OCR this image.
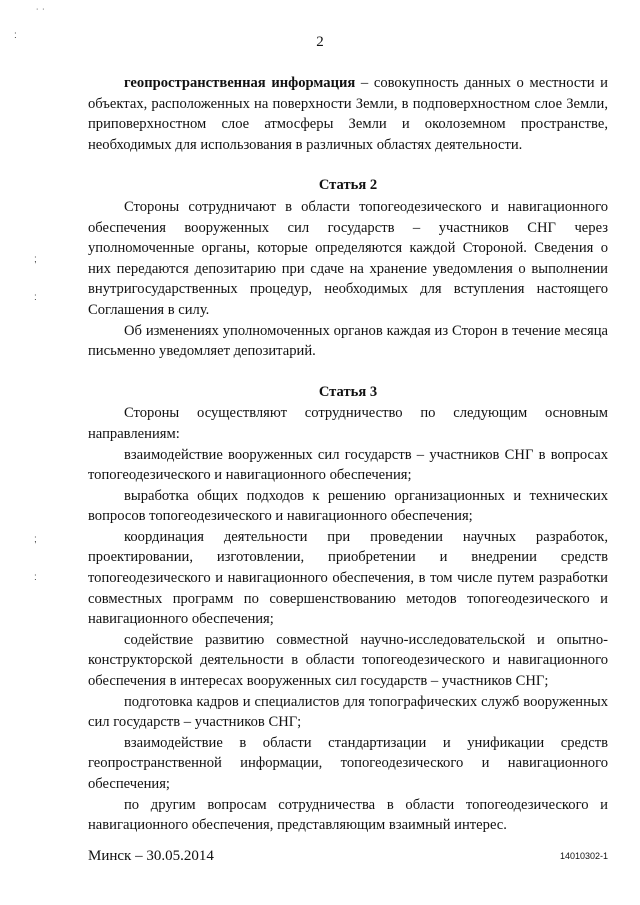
˙ ˙
:
;
:
;
:
2

геопространственная информация – совокупность данных о местности и объектах, расположенных на поверхности Земли, в подповерхностном слое Земли, приповерхностном слое атмосферы Земли и околоземном пространстве, необходимых для использования в различных областях деятельности.

Статья 2

Стороны сотрудничают в области топогеодезического и навигационного обеспечения вооруженных сил государств – участников СНГ через уполномоченные органы, которые определяются каждой Стороной. Сведения о них передаются депозитарию при сдаче на хранение уведомления о выполнении внутригосударственных процедур, необходимых для вступления настоящего Соглашения в силу.

Об изменениях уполномоченных органов каждая из Сторон в течение месяца письменно уведомляет депозитарий.

Статья 3

Стороны осуществляют сотрудничество по следующим основным направлениям:

взаимодействие вооруженных сил государств – участников СНГ в вопросах топогеодезического и навигационного обеспечения;

выработка общих подходов к решению организационных и технических вопросов топогеодезического и навигационного обеспечения;

координация деятельности при проведении научных разработок, проектировании, изготовлении, приобретении и внедрении средств топогеодезического и навигационного обеспечения, в том числе путем разработки совместных программ по совершенствованию методов топогеодезического и навигационного обеспечения;

содействие развитию совместной научно-исследовательской и опытно-конструкторской деятельности в области топогеодезического и навигационного обеспечения в интересах вооруженных сил государств – участников СНГ;

подготовка кадров и специалистов для топографических служб вооруженных сил государств – участников СНГ;

взаимодействие в области стандартизации и унификации средств геопространственной информации, топогеодезического и навигационного обеспечения;

по другим вопросам сотрудничества в области топогеодезического и навигационного обеспечения, представляющим взаимный интерес.

Минск – 30.05.2014	14010302-1
